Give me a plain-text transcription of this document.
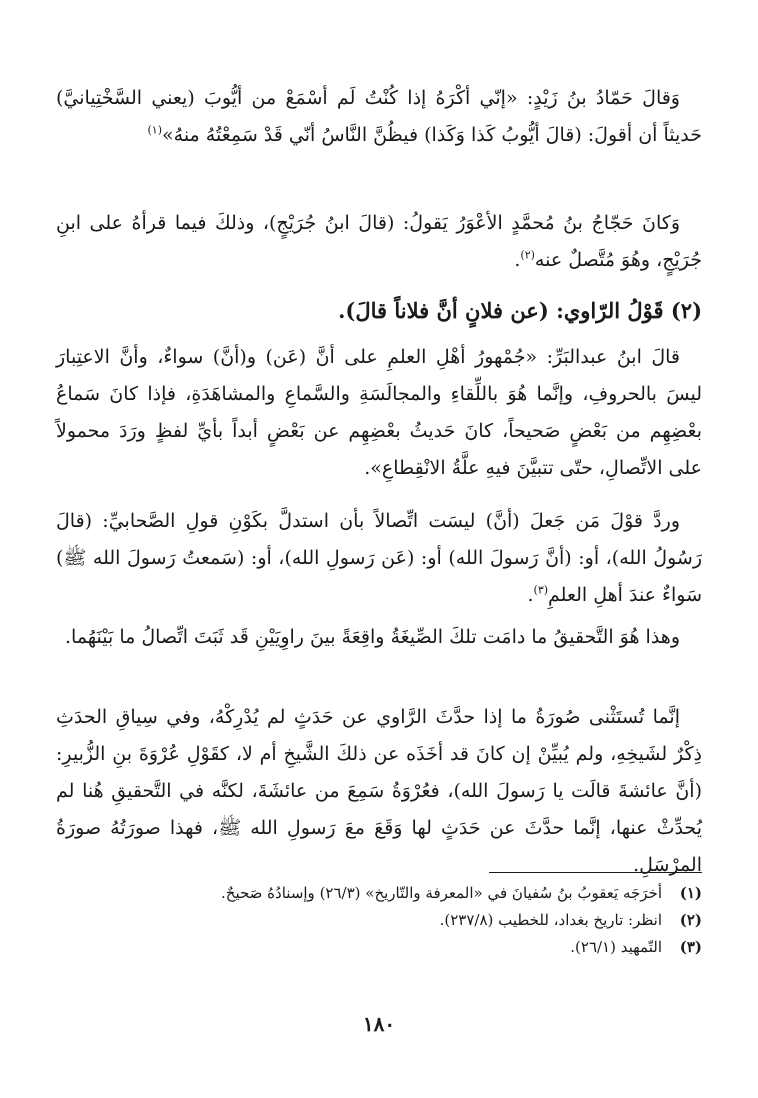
وَقالَ حَمّادُ بنُ زَيْدٍ: «إنّي أكْرَهُ إذا كُنْتُ لَم أسْمَعْ من أيُّوبَ (يعني السَّخْتِيانيَّ) حَديثاً أن أقولَ: (قالَ أيُّوبُ كَذا وَكَذا) فيظُنَّ النَّاسُ أنّي قَدْ سَمِعْتُهُ منهُ»$^{(١)}$

وَكانَ حَجّاجُ بنُ مُحمَّدٍ الأعْوَرُ يَقولُ: (قالَ ابنُ جُرَيْجٍ)، وذلكَ فيما قرأهُ على ابنِ جُرَيْجٍ، وهُوَ مُتَّصلٌ عنه$^{(٢)}$.

(٢) قَوْلُ الرّاوي: (عن فلانٍ أنَّ فلاناً قالَ).

قالَ ابنُ عبدالبَرِّ: «جُمْهورُ أهْلِ العلمِ على أنَّ (عَن) و(أنَّ) سواءٌ، وأنَّ الاعتِبارَ ليسَ بالحروفِ، وإنَّما هُوَ باللِّقاءِ والمجالَسَةِ والسَّماعِ والمشاهَدَةِ، فإذا كانَ سَماعُ بعْضِهِم من بَعْضٍ صَحيحاً، كانَ حَديثُ بعْضِهِم عن بَعْضٍ أبداً بأيِّ لفظٍ ورَدَ محمولاً على الاتِّصالِ، حتّى تتبيَّنَ فيهِ علَّةُ الانْقِطاعِ».

وردَّ قوْلَ مَن جَعلَ (أنَّ) ليسَت اتِّصالاً بأن استدلَّ بكَوْنِ قولِ الصَّحابيِّ: (قالَ رَسُولُ الله)، أو: (أنَّ رَسولَ الله) أو: (عَن رَسولِ الله)، أو: (سَمعتُ رَسولَ الله ﷺ) سَواءٌ عندَ أهلِ العلمِ$^{(٣)}$.

وهذا هُوَ التَّحقيقُ ما دامَت تلكَ الصِّيغَةُ واقِعَةً بينَ راوِيَيْنِ قَد ثَبَتَ اتِّصالُ ما بَيْنَهُما.

إنَّما تُستَثْنى صُورَةُ ما إذا حدَّثَ الرَّاوي عن حَدَثٍ لم يُدْرِكْهُ، وفي سِياقِ الحدَثِ ذِكْرٌ لشَيخِهِ، ولم يُبيِّنْ إن كانَ قد أخَذَه عن ذلكَ الشَّيخِ أم لا، كقَوْلِ عُرْوَةَ بنِ الزُّبيرِ: (أنَّ عائشةَ قالَت يا رَسولَ الله)، فعُرْوَةُ سَمِعَ من عائشَةَ، لكنَّه في التَّحقيقِ هُنا لم يُحدِّثْ عنها، إنَّما حدَّثَ عن حَدَثٍ لها وَقَعَ معَ رَسولِ الله ﷺ، فهذا صورَتُهُ صورَةُ المرْسَلِ.

(١)أخرَجَه يَعقوبُ بنُ سُفيانَ في «المعرفة والتّاريخ» (٢٦/٣) وإسنادُهُ صَحيحٌ.
(٢)انظر: تاريخ بغداد، للخطيب (٢٣٧/٨).
(٣)التّمهيد (٢٦/١).
١٨٠
